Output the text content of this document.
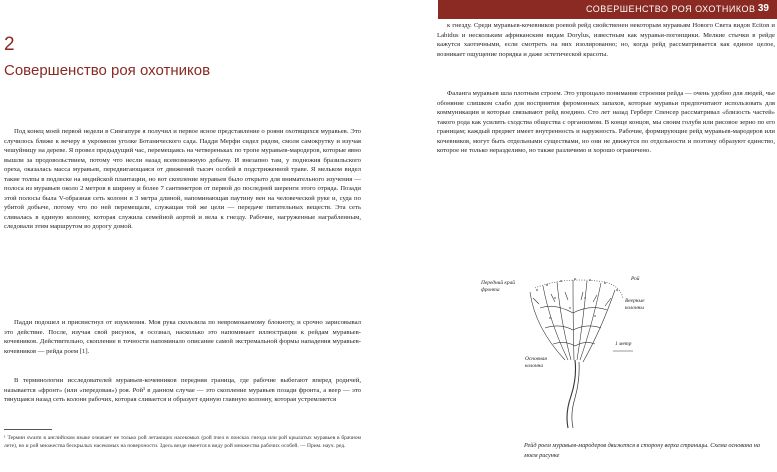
СОВЕРШЕНСТВО РОЯ ОХОТНИКОВ 39
2
Совершенство роя охотников

Под конец моей первой недели в Сингапуре я получил и первое ясное представление о рояни охотящихся муравьев. Это случилось ближе к вечеру в укромном уголке Ботанического сада. Падди Мерфи сидел рядом, смоля самокрутку и изучая чешуйницу на дереве. Я провел предыдущий час, перемещаясь на четвереньках по тропе муравьев-мародеров, которые явно вышли за продовольствием, потому что несли назад всевозможную добычу. И внезапно там, у подножия бразильского ореха, оказалась масса муравьев, передвигающаяся от движений тысяч особей в подстриженной траве. Я мельком видел такие толпы в подлеске на индийской плантации, но вот скопление муравьев было открыто для внимательного изучения — полоса из муравьев около 2 метров в ширину и более 7 сантиметров от первой до последней шеренги этого отряда. Позади этой полосы была V-образная сеть колонн в 3 метра длиной, напоминающая паутину вен на человеческой руке и, суда по убитой добыче, потому что по ней перемещали, служащая той же цели — передаче питательных веществ. Эта сеть сливалась в единую колонну, которая служила семейной аортой и вела к гнезду. Рабочие, нагруженные награбленным, следовали этим маршрутом во дорогу домой.

Падди подошел и присвистнул от изумления. Моя рука скользила по невромокаемому блокноту, и срочно зарисовывал это действие. После, изучая свой рисунок, я осознал, насколько это напоминает иллюстрации к рейдам муравьев-кочевников. Действительно, скопление в точности напоминало описание самой экстремальной формы нападения муравьев-кочевников — рейда роем [1].

В терминологии исследователей муравьев-кочевников передняя граница, где рабочие выбегают вперед родичей, называется «фронт» (или «передовая») роя. Рой¹ в данном случае — это скопление муравьев позади фронта, а веер — это тянущаяся назад сеть колонн рабочих, которая сливается и образует единую главную колонну, которая устремляется

¹ Термин swarm в английском языке означает не только рой летающих насекомых (рой пчел в поисках гнезда или рой крылатых муравьев в брачном лете), но и рой множества бескрылых насекомых на поверхности. Здесь везде имеется в виду рой множества рабочих особей. — Прим. науч. ред.

к гнезду. Среди муравьев-кочевников роевой рейд свойственен некоторым муравьям Нового Света видов Eciton и Labidus и нескольким африканским видам Dorylus, известным как муравьи-погонщики. Мелкие стычки в рейде кажутся хаотичными, если смотреть на них изолированно; но, когда рейд рассматривается как единое целое, возникает ощущение порядка и даже эстетической красоты.

Фаланга муравьев шла плотным строем. Это упрощало понимание строения рейда — очень удобно для людей, чье обоняние слишком слабо для восприятия феромонных запахов, которые муравьи предпочитают использовать для коммуникации и которые связывают рейд воедино. Сто лет назад Герберт Спенсер рассматривал «близость частей» такого рода как усилить сходства общества с организмом. В конце концов, мы своим голубя или рисовое зерно по его границам; каждый предмет имеет внутренность и наружность. Рабочие, формирующие рейд муравьев-мародеров или кочевников, могут быть отдельными существами, но они не движутся по отдельности и поэтому образуют единство, которое не только неразделимо, но также различимо и хорошо ограничено.

Передний край фронта
Рой
Веерные колонны
1 метр
Основная колонна
Рейд роем муравьев-мародеров движется в сторону верха страницы. Схема основана на моем рисунке
